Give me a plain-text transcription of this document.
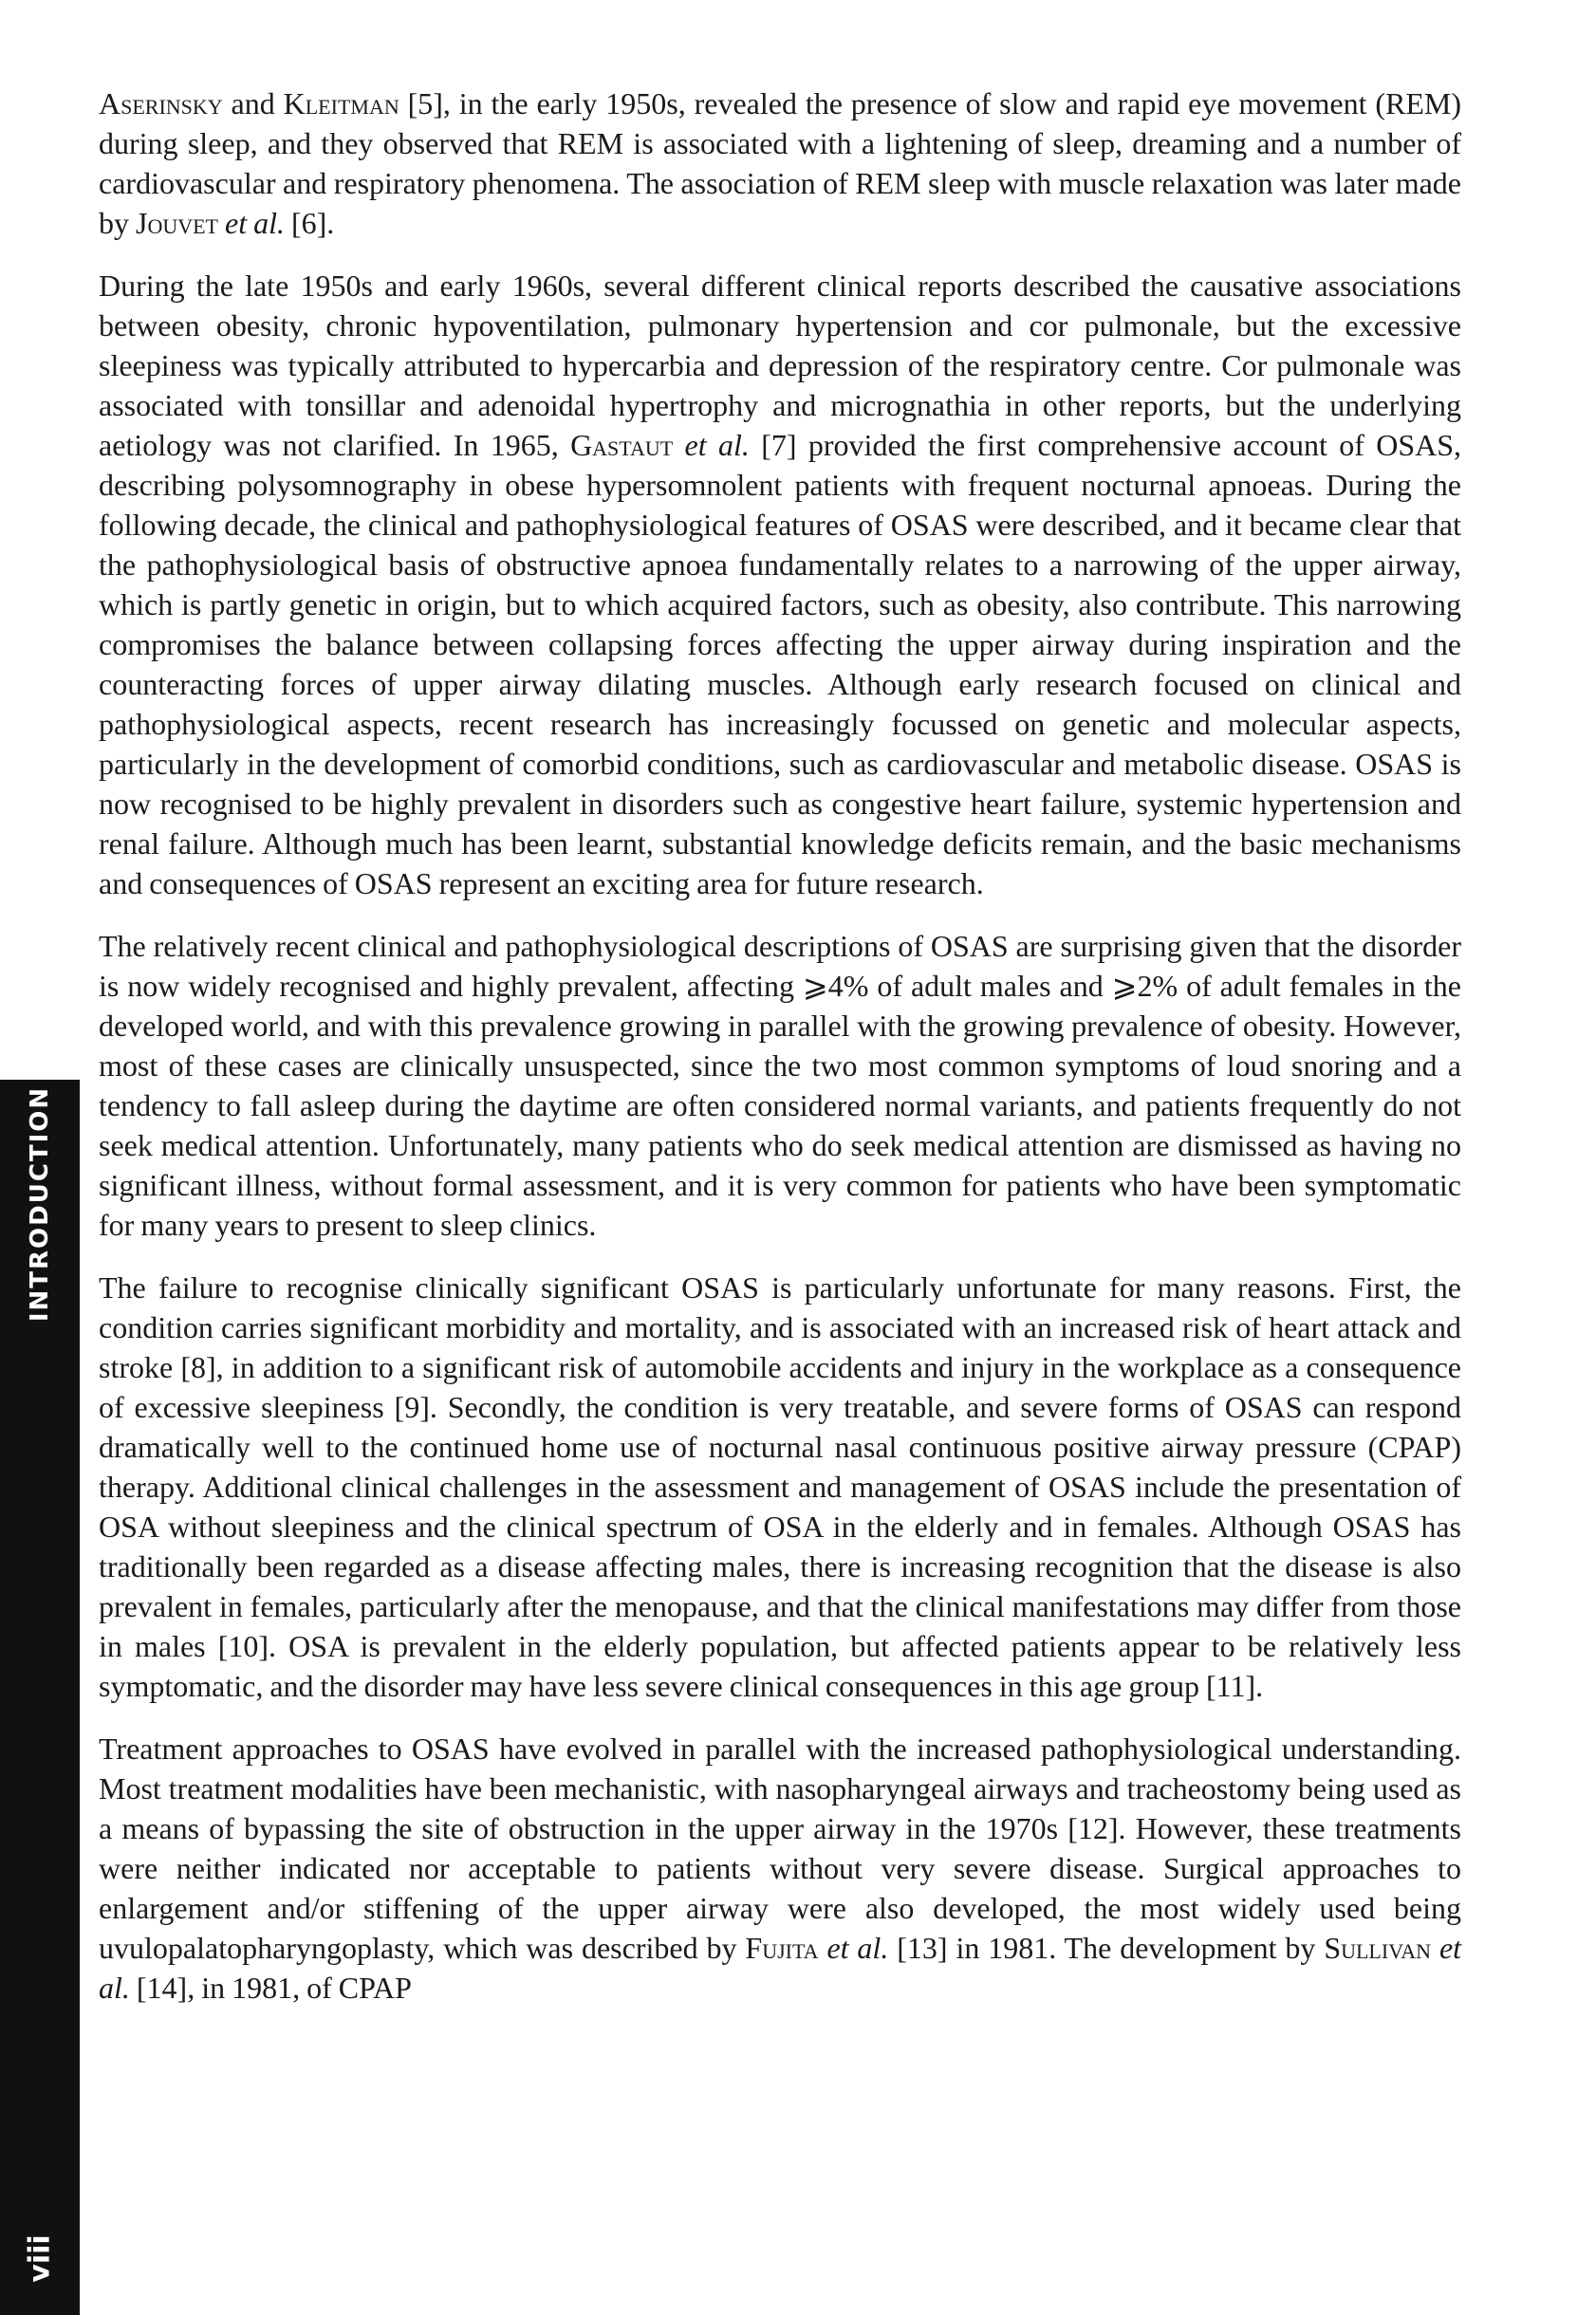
INTRODUCTION
viii

Aserinsky and Kleitman [5], in the early 1950s, revealed the presence of slow and rapid eye movement (REM) during sleep, and they observed that REM is associated with a lightening of sleep, dreaming and a number of cardiovascular and respiratory phenomena. The association of REM sleep with muscle relaxation was later made by Jouvet et al. [6].

During the late 1950s and early 1960s, several different clinical reports described the causative associations between obesity, chronic hypoventilation, pulmonary hypertension and cor pulmonale, but the excessive sleepiness was typically attributed to hypercarbia and depression of the respiratory centre. Cor pulmonale was associated with tonsillar and adenoidal hypertrophy and micrognathia in other reports, but the underlying aetiology was not clarified. In 1965, Gastaut et al. [7] provided the first comprehensive account of OSAS, describing polysomnography in obese hypersomnolent patients with frequent nocturnal apnoeas. During the following decade, the clinical and pathophysiological features of OSAS were described, and it became clear that the pathophysiological basis of obstructive apnoea fundamentally relates to a narrowing of the upper airway, which is partly genetic in origin, but to which acquired factors, such as obesity, also contribute. This narrowing compromises the balance between collapsing forces affecting the upper airway during inspiration and the counteracting forces of upper airway dilating muscles. Although early research focused on clinical and pathophysiological aspects, recent research has increasingly focussed on genetic and molecular aspects, particularly in the development of comorbid conditions, such as cardiovascular and metabolic disease. OSAS is now recognised to be highly prevalent in disorders such as congestive heart failure, systemic hypertension and renal failure. Although much has been learnt, substantial knowledge deficits remain, and the basic mechanisms and consequences of OSAS represent an exciting area for future research.

The relatively recent clinical and pathophysiological descriptions of OSAS are surprising given that the disorder is now widely recognised and highly prevalent, affecting ⩾4% of adult males and ⩾2% of adult females in the developed world, and with this prevalence growing in parallel with the growing prevalence of obesity. However, most of these cases are clinically unsuspected, since the two most common symptoms of loud snoring and a tendency to fall asleep during the daytime are often considered normal variants, and patients frequently do not seek medical attention. Unfortunately, many patients who do seek medical attention are dismissed as having no significant illness, without formal assessment, and it is very common for patients who have been symptomatic for many years to present to sleep clinics.

The failure to recognise clinically significant OSAS is particularly unfortunate for many reasons. First, the condition carries significant morbidity and mortality, and is associated with an increased risk of heart attack and stroke [8], in addition to a significant risk of automobile accidents and injury in the workplace as a consequence of excessive sleepiness [9]. Secondly, the condition is very treatable, and severe forms of OSAS can respond dramatically well to the continued home use of nocturnal nasal continuous positive airway pressure (CPAP) therapy. Additional clinical challenges in the assessment and management of OSAS include the presentation of OSA without sleepiness and the clinical spectrum of OSA in the elderly and in females. Although OSAS has traditionally been regarded as a disease affecting males, there is increasing recognition that the disease is also prevalent in females, particularly after the menopause, and that the clinical manifestations may differ from those in males [10]. OSA is prevalent in the elderly population, but affected patients appear to be relatively less symptomatic, and the disorder may have less severe clinical consequences in this age group [11].

Treatment approaches to OSAS have evolved in parallel with the increased pathophysiological understanding. Most treatment modalities have been mechanistic, with nasopharyngeal airways and tracheostomy being used as a means of bypassing the site of obstruction in the upper airway in the 1970s [12]. However, these treatments were neither indicated nor acceptable to patients without very severe disease. Surgical approaches to enlargement and/or stiffening of the upper airway were also developed, the most widely used being uvulopalatopharyngoplasty, which was described by Fujita et al. [13] in 1981. The development by Sullivan et al. [14], in 1981, of CPAP
